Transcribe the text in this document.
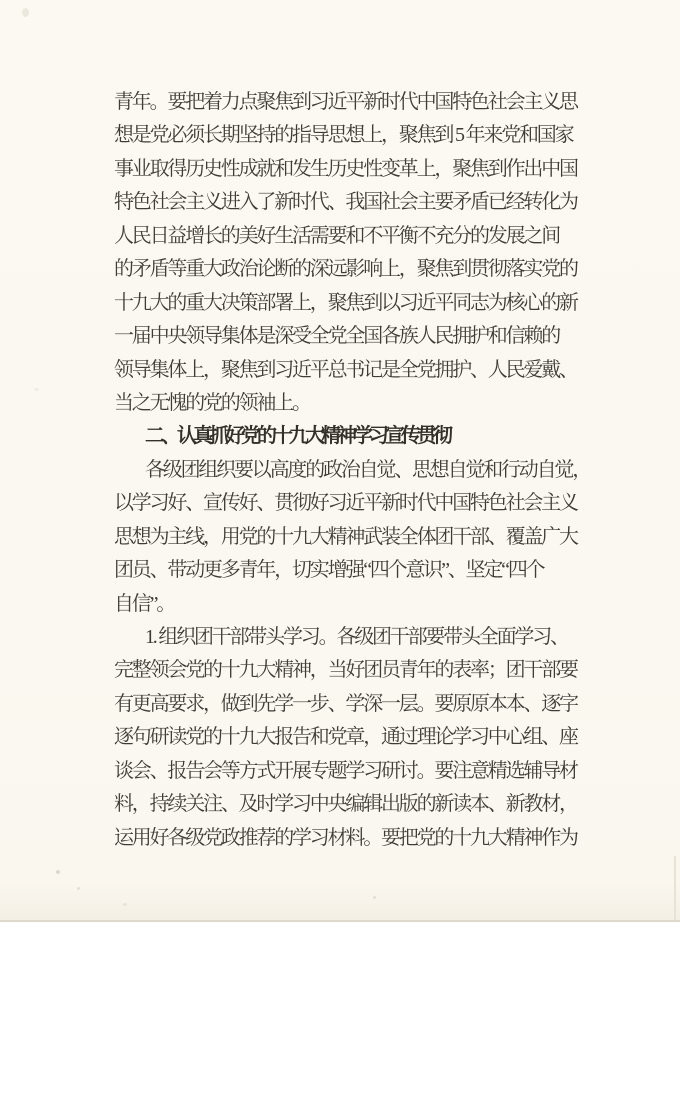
青年。要把着力点聚焦到习近平新时代中国特色社会主义思
想是党必须长期坚持的指导思想上，聚焦到 5 年来党和国家
事业取得历史性成就和发生历史性变革上，聚焦到作出中国
特色社会主义进入了新时代、我国社会主要矛盾已经转化为
人民日益增长的美好生活需要和不平衡不充分的发展之间
的矛盾等重大政治论断的深远影响上，聚焦到贯彻落实党的
十九大的重大决策部署上，聚焦到以习近平同志为核心的新
一届中央领导集体是深受全党全国各族人民拥护和信赖的
领导集体上，聚焦到习近平总书记是全党拥护、人民爱戴、
当之无愧的党的领袖上。
二、认真抓好党的十九大精神学习宣传贯彻
各级团组织要以高度的政治自觉、思想自觉和行动自觉，
以学习好、宣传好、贯彻好习近平新时代中国特色社会主义
思想为主线，用党的十九大精神武装全体团干部、覆盖广大
团员、带动更多青年，切实增强“四个意识”、坚定“四个
自信”。
1. 组织团干部带头学习。各级团干部要带头全面学习、
完整领会党的十九大精神，当好团员青年的表率；团干部要
有更高要求，做到先学一步、学深一层。要原原本本、逐字
逐句研读党的十九大报告和党章，通过理论学习中心组、座
谈会、报告会等方式开展专题学习研讨。要注意精选辅导材
料，持续关注、及时学习中央编辑出版的新读本、新教材，
运用好各级党政推荐的学习材料。要把党的十九大精神作为
